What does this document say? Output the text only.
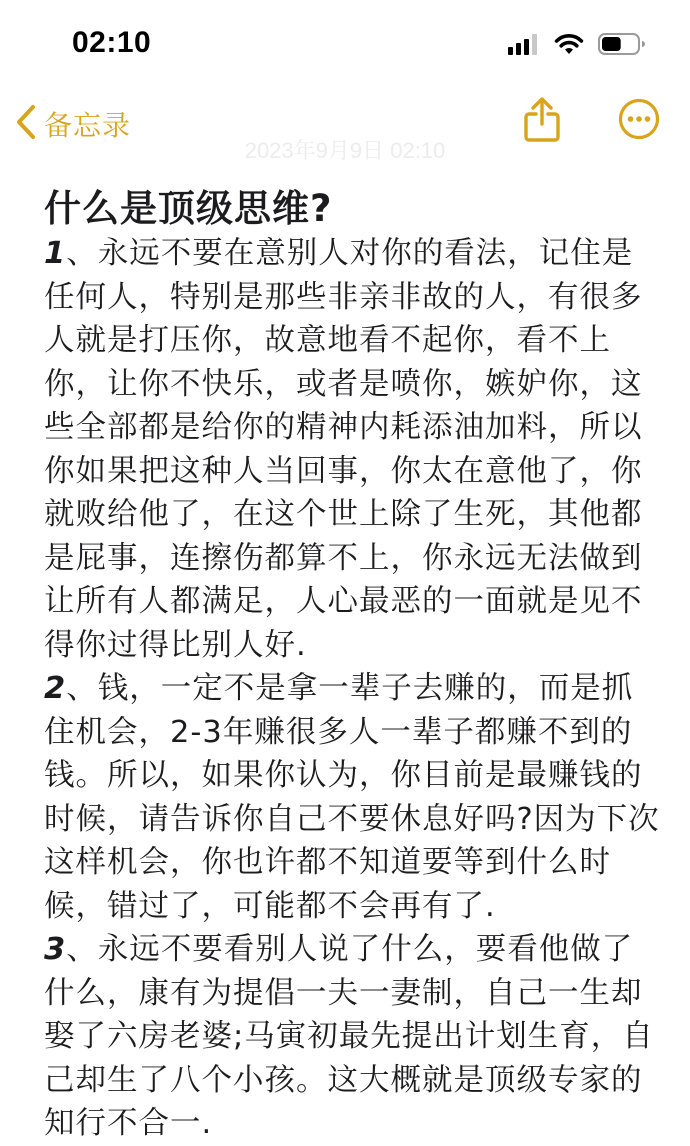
02:10
备忘录
2023年9月9日 02:10
什么是顶级思维?

1、永远不要在意别人对你的看法，记住是任何人，特别是那些非亲非故的人，有很多人就是打压你，故意地看不起你，看不上你，让你不快乐，或者是喷你，嫉妒你，这些全部都是给你的精神内耗添油加料，所以你如果把这种人当回事，你太在意他了，你就败给他了，在这个世上除了生死，其他都是屁事，连擦伤都算不上，你永远无法做到让所有人都满足，人心最恶的一面就是见不得你过得比别人好.

2、钱，一定不是拿一辈子去赚的，而是抓住机会，2-3年赚很多人一辈子都赚不到的钱。所以，如果你认为，你目前是最赚钱的时候，请告诉你自己不要休息好吗?因为下次这样机会，你也许都不知道要等到什么时候，错过了，可能都不会再有了.

3、永远不要看别人说了什么，要看他做了什么，康有为提倡一夫一妻制，自己一生却娶了六房老婆;马寅初最先提出计划生育，自己却生了八个小孩。这大概就是顶级专家的知行不合一.
